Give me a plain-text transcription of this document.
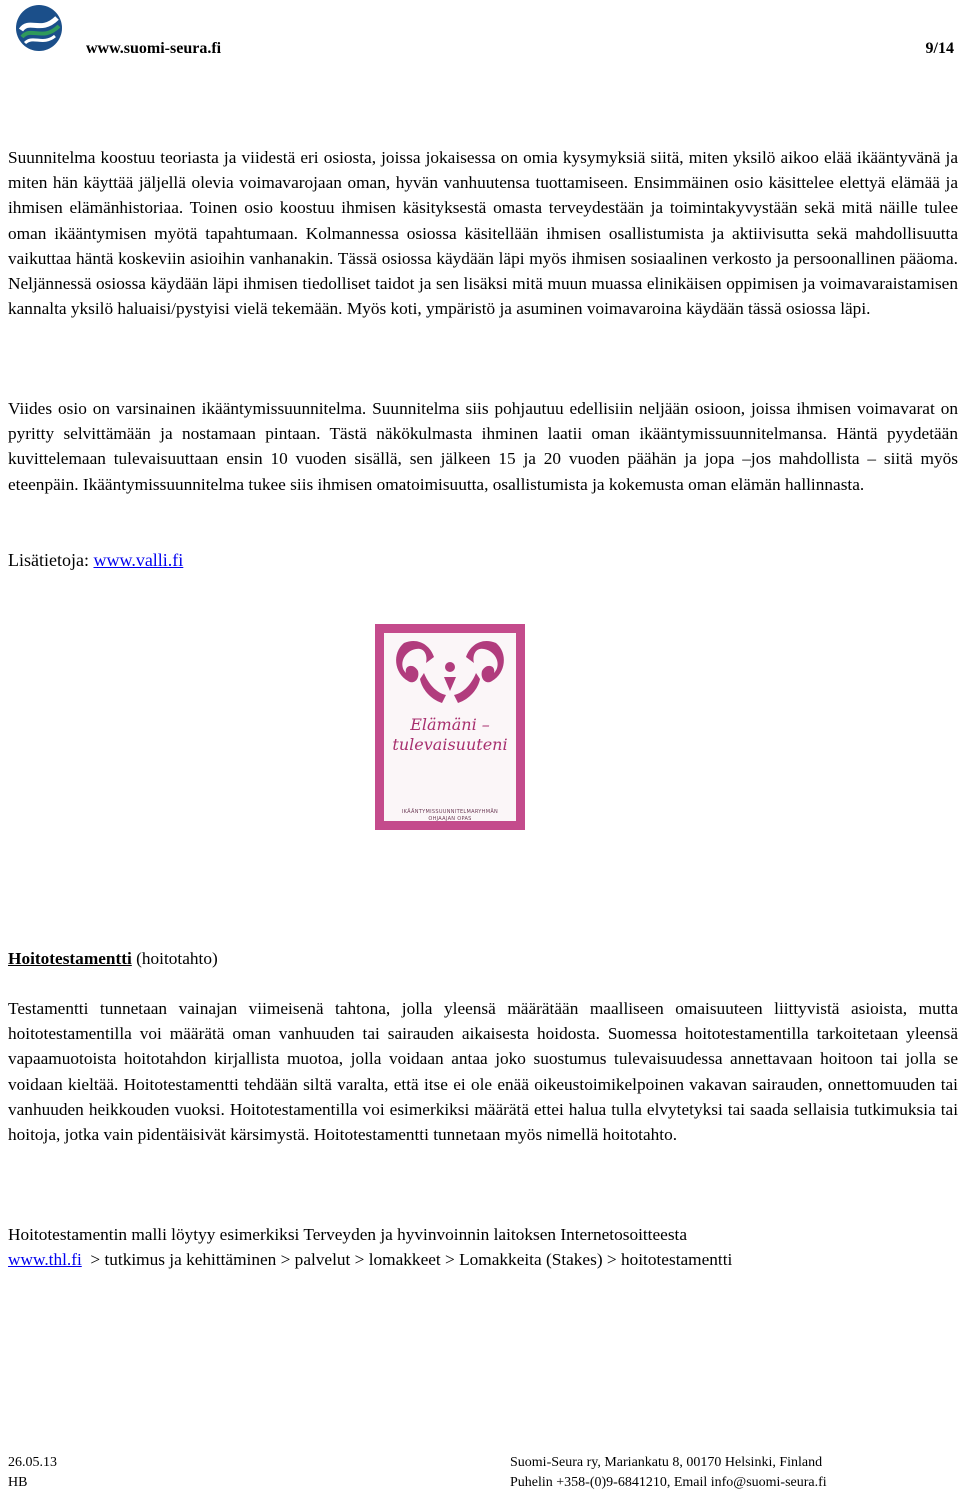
www.suomi-seura.fi	9/14

Suunnitelma koostuu teoriasta ja viidestä eri osiosta, joissa jokaisessa on omia kysymyksiä siitä, miten yksilö aikoo elää ikääntyvänä ja miten hän käyttää jäljellä olevia voimavarojaan oman, hyvän vanhuutensa tuottamiseen. Ensimmäinen osio käsittelee elettyä elämää ja ihmisen elämänhistoriaa. Toinen osio koostuu ihmisen käsityksestä omasta terveydestään ja toimintakyvystään sekä mitä näille tulee oman ikääntymisen myötä tapahtumaan. Kolmannessa osiossa käsitellään ihmisen osallistumista ja aktiivisutta sekä mahdollisuutta vaikuttaa häntä koskeviin asioihin vanhanakin. Tässä osiossa käydään läpi myös ihmisen sosiaalinen verkosto ja persoonallinen pääoma. Neljännessä osiossa käydään läpi ihmisen tiedolliset taidot ja sen lisäksi mitä muun muassa elinikäisen oppimisen ja voimavaraistamisen kannalta yksilö haluaisi/pystyisi vielä tekemään. Myös koti, ympäristö ja asuminen voimavaroina käydään tässä osiossa läpi.

Viides osio on varsinainen ikääntymissuunnitelma. Suunnitelma siis pohjautuu edellisiin neljään osioon, joissa ihmisen voimavarat on pyritty selvittämään ja nostamaan pintaan. Tästä näkökulmasta ihminen laatii oman ikääntymissuunnitelmansa. Häntä pyydetään kuvittelemaan tulevaisuuttaan ensin 10 vuoden sisällä, sen jälkeen 15 ja 20 vuoden päähän ja jopa –jos mahdollista – siitä myös eteenpäin. Ikääntymissuunnitelma tukee siis ihmisen omatoimisuutta, osallistumista ja kokemusta oman elämän hallinnasta.

Lisätietoja: www.valli.fi

Elämäni –
tulevaisuuteni
IKÄÄNTYMISSUUNNITELMARYHMÄN
OHJAAJAN OPAS
Hoitotestamentti (hoitotahto)

Testamentti tunnetaan vainajan viimeisenä tahtona, jolla yleensä määrätään maalliseen omaisuuteen liittyvistä asioista, mutta hoitotestamentilla voi määrätä oman vanhuuden tai sairauden aikaisesta hoidosta. Suomessa hoitotestamentilla tarkoitetaan yleensä vapaamuotoista hoitotahdon kirjallista muotoa, jolla voidaan antaa joko suostumus tulevaisuudessa annettavaan hoitoon tai jolla se voidaan kieltää. Hoitotestamentti tehdään siltä varalta, että itse ei ole enää oikeustoimikelpoinen vakavan sairauden, onnettomuuden tai vanhuuden heikkouden vuoksi. Hoitotestamentilla voi esimerkiksi määrätä ettei halua tulla elvytetyksi tai saada sellaisia tutkimuksia tai hoitoja, jotka vain pidentäisivät kärsimystä. Hoitotestamentti tunnetaan myös nimellä hoitotahto.

Hoitotestamentin malli löytyy esimerkiksi Terveyden ja hyvinvoinnin laitoksen Internetosoitteesta
www.thl.fi  > tutkimus ja kehittäminen > palvelut > lomakkeet > Lomakkeita (Stakes) > hoitotestamentti

26.05.13
HB
Suomi-Seura ry, Mariankatu 8, 00170 Helsinki, Finland
Puhelin +358-(0)9-6841210, Email info@suomi-seura.fi
